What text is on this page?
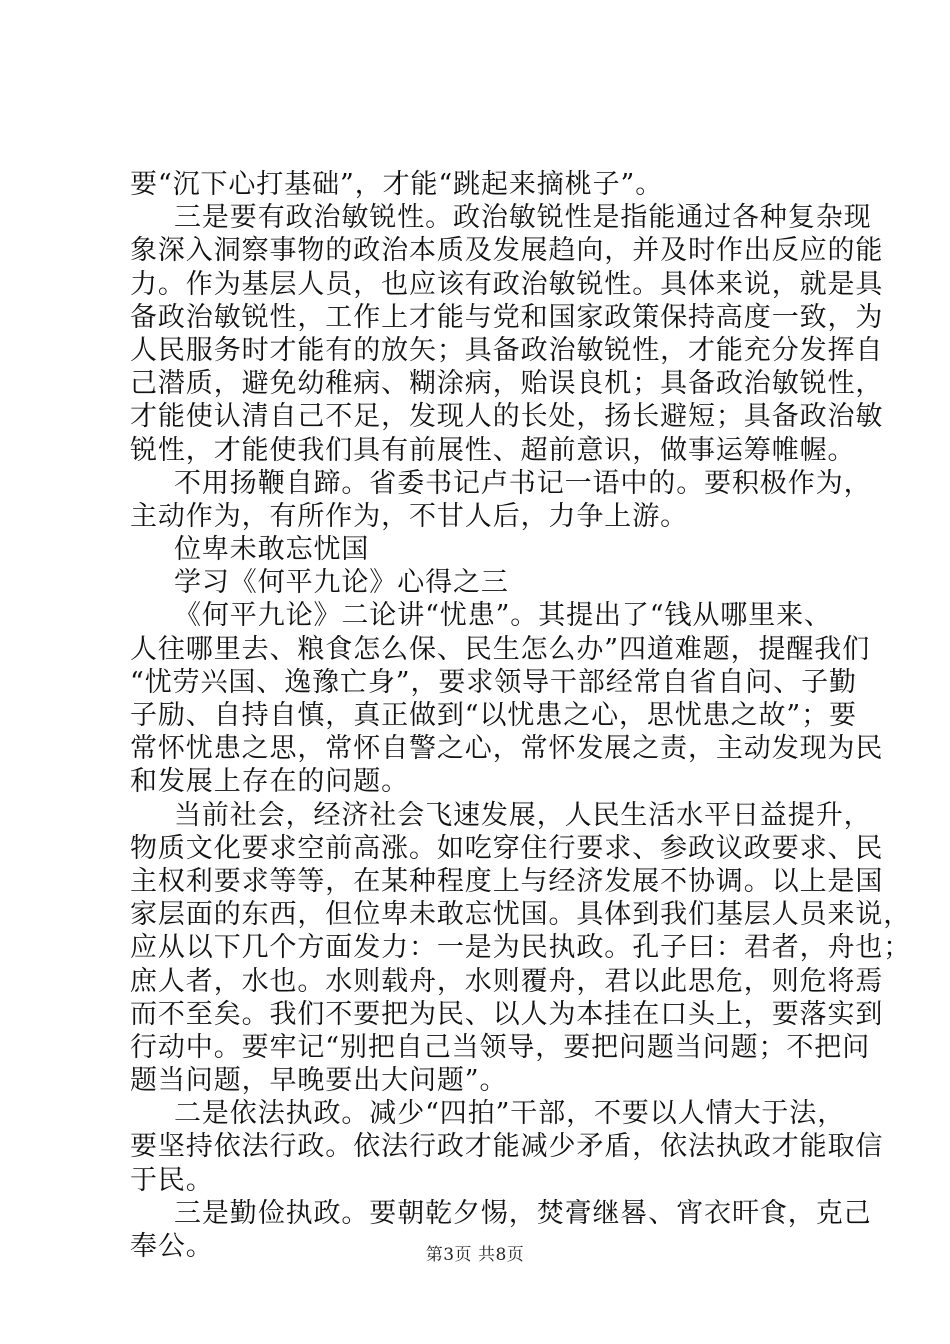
要“沉下心打基础”，才能“跳起来摘桃子”。
三是要有政治敏锐性。政治敏锐性是指能通过各种复杂现
象深入洞察事物的政治本质及发展趋向，并及时作出反应的能
力。作为基层人员，也应该有政治敏锐性。具体来说，就是具
备政治敏锐性，工作上才能与党和国家政策保持高度一致，为
人民服务时才能有的放矢；具备政治敏锐性，才能充分发挥自
己潜质，避免幼稚病、糊涂病，贻误良机；具备政治敏锐性，
才能使认清自己不足，发现人的长处，扬长避短；具备政治敏
锐性，才能使我们具有前展性、超前意识，做事运筹帷幄。
不用扬鞭自蹄。省委书记卢书记一语中的。要积极作为，
主动作为，有所作为，不甘人后，力争上游。
位卑未敢忘忧国
学习《何平九论》心得之三
《何平九论》二论讲“忧患”。其提出了“钱从哪里来、
人往哪里去、粮食怎么保、民生怎么办”四道难题，提醒我们
“忧劳兴国、逸豫亡身”，要求领导干部经常自省自问、子勤
子励、自持自慎，真正做到“以忧患之心，思忧患之故”；要
常怀忧患之思，常怀自警之心，常怀发展之责，主动发现为民
和发展上存在的问题。
当前社会，经济社会飞速发展，人民生活水平日益提升，
物质文化要求空前高涨。如吃穿住行要求、参政议政要求、民
主权利要求等等，在某种程度上与经济发展不协调。以上是国
家层面的东西，但位卑未敢忘忧国。具体到我们基层人员来说，
应从以下几个方面发力：一是为民执政。孔子曰：君者，舟也；
庶人者，水也。水则载舟，水则覆舟，君以此思危，则危将焉
而不至矣。我们不要把为民、以人为本挂在口头上，要落实到
行动中。要牢记“别把自己当领导，要把问题当问题；不把问
题当问题，早晚要出大问题”。
二是依法执政。减少“四拍”干部，不要以人情大于法，
要坚持依法行政。依法行政才能减少矛盾，依法执政才能取信
于民。
三是勤俭执政。要朝乾夕惕，焚膏继晷、宵衣旰食，克己
奉公。	第3页 共8页
